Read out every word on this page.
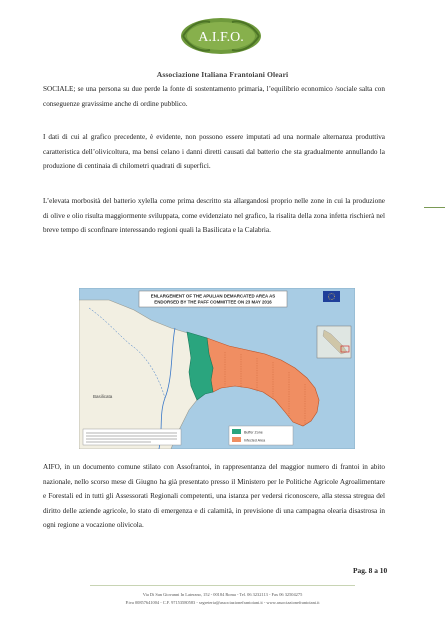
A.I.F.O.
Associazione Italiana Frantoiani Oleari
SOCIALE; se una persona su due perde la fonte di sostentamento primaria, l’equilibrio economico /sociale salta con conseguenze gravissime anche di ordine pubblico.
I dati di cui al grafico precedente, è evidente, non possono essere imputati ad una normale alternanza produttiva caratteristica dell’olivicoltura, ma bensì celano i danni diretti causati dal batterio che sta gradualmente annullando la produzione di centinaia di chilometri quadrati di superfici.
L’elevata morbosità del batterio xylella come prima descritto sta allargandosi proprio nelle zone in cui la produzione di olive e olio risulta maggiormente sviluppata, come evidenziato nel grafico, la risalita della zona infetta rischierà nel breve tempo di sconfinare interessando regioni quali la Basilicata e la Calabria.
Basilicata
ENLARGEMENT OF THE APULIAN DEMARCATED AREA AS
ENDORSED BY THE PAFF COMMITTEE ON 23 MAY 2016
Buffer Zone
Infected Area
AIFO, in un documento comune stilato con Assofrantoi, in rappresentanza del maggior numero di frantoi in abito nazionale, nello scorso mese di Giugno ha già presentato presso il Ministero per le Politiche Agricole Agroalimentare e Forestali ed in tutti gli Assessorati Regionali competenti, una istanza per vedersi riconoscere, alla stessa stregua del diritto delle aziende agricole, lo stato di emergenza e di calamità, in previsione di una campagna olearia disastrosa in ogni regione a vocazione olivicola.
Pag. 8 a 10
Via Di San Giovanni In Laterano, 152 - 00184 Roma - Tel. 06 3232113 - Fax 06 32504275
P.iva 00857641004 - C.F. 97153580583 - segreteria@associazionefrantoiani.it - www.associazionefrantoiani.it
